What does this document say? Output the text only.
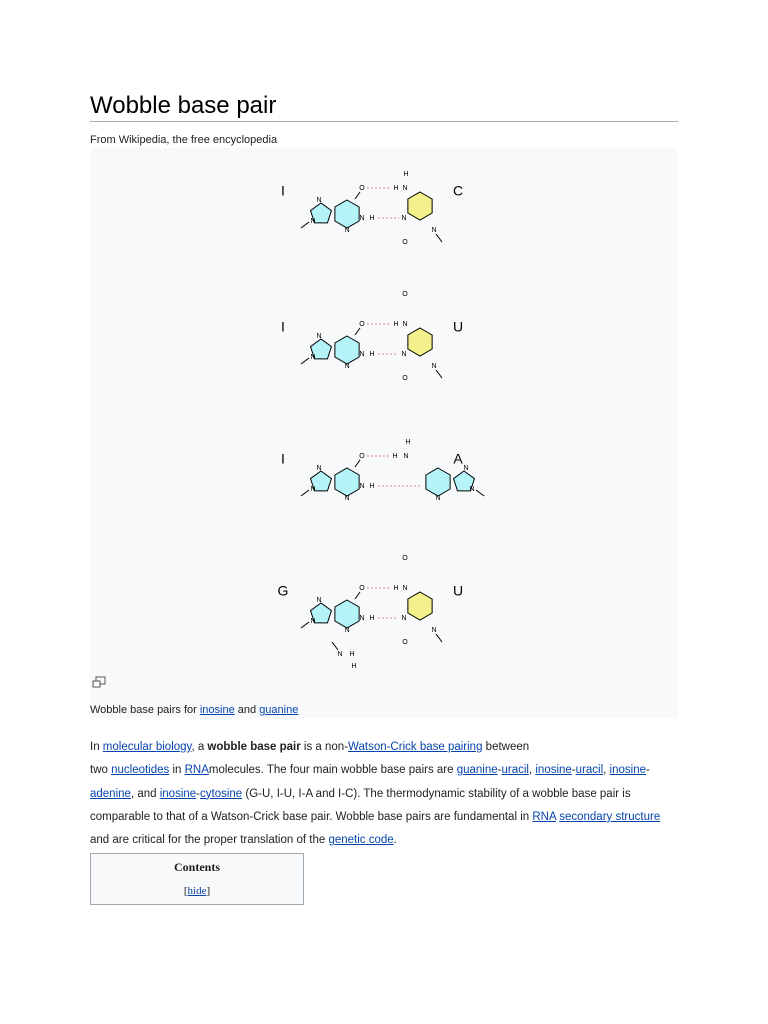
Wobble base pair
From Wikipedia, the free encyclopedia
I	C
N
N
N
O
N H
H N
N
O
N
H
I	U
N
N
N
O
N H
H N
N
O
N
O
I	A
N
N
N
O
N H
N
N
N
H N
H
G	U
N
N
N
O
N H
H N
N
O
N
O
N H
H
Wobble base pairs for inosine and guanine
In molecular biology, a wobble base pair is a non-Watson-Crick base pairing between
two nucleotides in RNAmolecules. The four main wobble base pairs are guanine-uracil, inosine-uracil, inosine-adenine, and inosine-cytosine (G-U, I-U, I-A and I-C). The thermodynamic stability of a wobble base pair is comparable to that of a Watson-Crick base pair. Wobble base pairs are fundamental in RNA secondary structure and are critical for the proper translation of the genetic code.
Contents
[hide]
